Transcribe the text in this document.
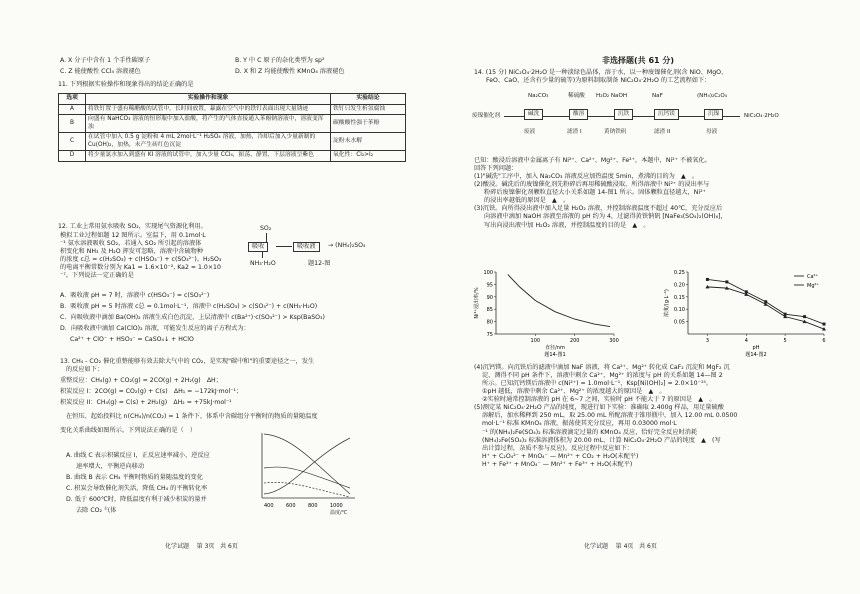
A. X 分子中含有 1 个手性碳原子	B. Y 中 C 原子的杂化类型为 sp²
C. Z 能使酸性 CCl₄ 溶液褪色	D. X 和 Z 均能使酸性 KMnO₄ 溶液褪色
11. 下列根据实验操作和现象得出的结论正确的是
选项	实验操作和现象	实验结论
A	将铁钉置于盛有稀醋酸的试管中，长时间放置，暴露在空气中的铁钉表面出现大量锈迹	铁钉只发生析氢腐蚀
B	向盛有 NaHCO₃ 溶液的恒形瓶中加入盐酸，将产生的气体直接通入苯酚钠溶液中，溶液变浑浊	碳酸酸性强于苯酚
C	在试管中加入 0.5 g 淀粉和 4 mL 2mol·L⁻¹ H₂SO₄ 溶液，加热，冷却后加入少量新制的 Cu(OH)₂，加热，未产生砖红色沉淀	淀粉未水解
D	将少量氯水加入到盛有 KI 溶液的试管中，加入少量 CCl₄，振荡、静置，下层溶液呈紫色	氧化性：Cl₂>I₂
12. 工业上常用氨水吸收 SO₂，实现尾气资源化利用。
模拟工业过程如题 12 图所示。室温下，用 0.1mol·L
⁻¹ 氨水溶液吸收 SO₂，若通入 SO₂ 所引起的溶液体
积变化和 NH₃ 及 H₂O 挥发可忽略，溶液中含硫物种
的浓度 c总 = c(H₂SO₃) + c(HSO₃⁻) + c(SO₃²⁻)。H₂SO₃
的电离平衡常数分别为 Ka1 = 1.6×10⁻², Ka2 = 1.0×10
⁻⁷。下列说法一定正确的是
SO₂
吸收	吸收液	→ (NH₄)₂SO₄
NH₃·H₂O	题12-图
A．吸收液 pH = 7 时，溶液中 c(HSO₃⁻) = c(SO₃²⁻)
B．吸收液 pH = 5 时溶液 c总 = 0.1mol·L⁻¹，溶液中 c(H₂SO₃) > c(SO₃²⁻) + c(NH₃·H₂O)
C．向吸收液中滴加 Ba(OH)₂ 溶液生成白色沉淀，上层清液中 c(Ba²⁺)·c(SO₃²⁻) > Ksp(BaSO₃)
D．向吸收液中滴加 Ca(ClO)₂ 溶液，可能发生反应的离子方程式为：
Ca²⁺ + ClO⁻ + HSO₃⁻ = CaSO₄↓ + HClO
13. CH₄ - CO₂ 催化重整能够有效去除大气中的 CO₂，是实现"碳中和"的重要途径之一，发生
的反应如下：
重整反应：CH₄(g) + CO₂(g) = 2CO(g) + 2H₂(g)　ΔH；
积炭反应 I：2CO(g) = CO₂(g) + C(s)　ΔH₁ = −172kJ·mol⁻¹；
积炭反应 II：CH₄(g) = C(s) + 2H₂(g)　ΔH₂ = +75kJ·mol⁻¹
在恒压、起始投料比 n(CH₄)/n(CO₂) = 1 条件下，体系中含碳组分平衡时的物质的量随温度
变化关系曲线如图所示。下列说法正确的是（　）
A. 曲线 C 表示积碳反应 I，正反应速率减小，逆反应
速率增大，平衡逆向移动
B. 曲线 B 表示 CH₄ 平衡时物质的量随温度的变化
C. 积炭会导致催化剂失活，降低 CH₄ 的平衡转化率
D. 低于 600℃时，降低温度有利于减少积炭的量并
去除 CO₂ 气体
400 600 800 1000
温度/℃
化学试题 第 3页 共 6页
非选择题(共 61 分)
14. (15 分) NiC₂O₄·2H₂O 是一种淡绿色晶体，溶于水，以一种废镍催化剂(含 NiO、MgO、
FeO、CaO，还含有少量的硫等)为原料制取制备 NiC₂O₄·2H₂O 的工艺流程如下：
Na₂CO₃	稀硫酸 H₂O₂ NaOH	NaF	(NH₄)₂C₂O₄
废镍催化剂	碱洗	酸溶	沉铁	沉钙镁	沉镍	NiC₂O₄·2H₂O
废液	滤渣 I	黄钠铁矾	滤渣 II	母液
已知：酸浸后溶液中金属离子有 Ni²⁺、Ca²⁺、Mg²⁺、Fe²⁺，本题中，Ni²⁺ 不被氧化。
回答下列问题：
(1)"碱洗"工序中，加入 Na₂CO₃ 溶液反应加热温度 5min，煮沸的目的为　▲　。
(2)酸浸。碱洗后的废镍催化剂先粉碎后再用稀硫酸浸取，所得溶液中 Ni²⁺ 的浸出率与
粉碎后废镍催化剂颗粒直径大小关系如题 14-图1 所示。固体颗粒直径越大，Ni²⁺
的浸出率越低的原因是　▲　。
(3)沉铁。向所得浸出液中加入足量 H₂O₂ 溶液，并控制溶液温度不超过 40℃，充分反应后
向溶液中滴加 NaOH 溶液至溶液的 pH 约为 4，过滤得黄铁钠矾 [NaFe₃(SO₄)₂(OH)₆]，
写出向浸出液中加 H₂O₂ 溶液，并控制温度的目的是　▲　。
100
95
90
85
80
75
100	200	300
直径/nm
题14-图1
Ni²⁺浸出率/%
0.25
0.20
0.15
0.10
0.05
3	4	5	6
pH
题14-图2
浓度/(g·L⁻¹)
Ca²⁺
Mg²⁺
(4)沉钙镁。向沉铁后的滤液中滴加 NaF 溶液，将 Ca²⁺、Mg²⁺ 转化成 CaF₂ 沉淀和 MgF₂ 沉
淀，测得不同 pH 条件下，溶液中剩余 Ca²⁺、Mg²⁺ 的浓度与 pH 的关系如题 14—图 2
所示。已知沉钙镁后溶液中 c(Ni²⁺) = 1.0mol·L⁻¹，Ksp[Ni(OH)₂] = 2.0×10⁻¹⁵。
①pH 越低，溶液中剩余 Ca²⁺、Mg²⁺ 的浓度越大的原因是　▲　。
②实验时通常控制溶液的 pH 在 6~7 之间，实验时 pH 不能大于 7 的原因是　▲　。
(5)测定某 NiC₂O₄·2H₂O 产品的纯度，现进行如下实验：准确取 2.400g 样品，用足量硫酸
溶解后，加水稀释到 250 mL，取 25.00 mL 所配溶液于锥形瓶中，加入 12.00 mL 0.0500
mol·L⁻¹ 标准 KMnO₄ 溶液，振荡使其充分反应，再用 0.03000 mol·L
⁻¹ 的(NH₄)₂Fe(SO₄)₂ 标准溶液滴定过量的 KMnO₄ 反应，恰好完全反应时消耗
(NH₄)₂Fe(SO₄)₂ 标准溶液体积为 20.00 mL，计算 NiC₂O₄·2H₂O 产品的纯度　▲　(写
出计算过程，杂质不参与反应)。反应过程中反应如下：
H⁺ + C₂O₄²⁻ + MnO₄⁻ — Mn²⁺ + CO₂ + H₂O(未配平)
H⁺ + Fe²⁺ + MnO₄⁻ — Mn²⁺ + Fe³⁺ + H₂O(未配平)
化学试题 第 4页 共 6页
